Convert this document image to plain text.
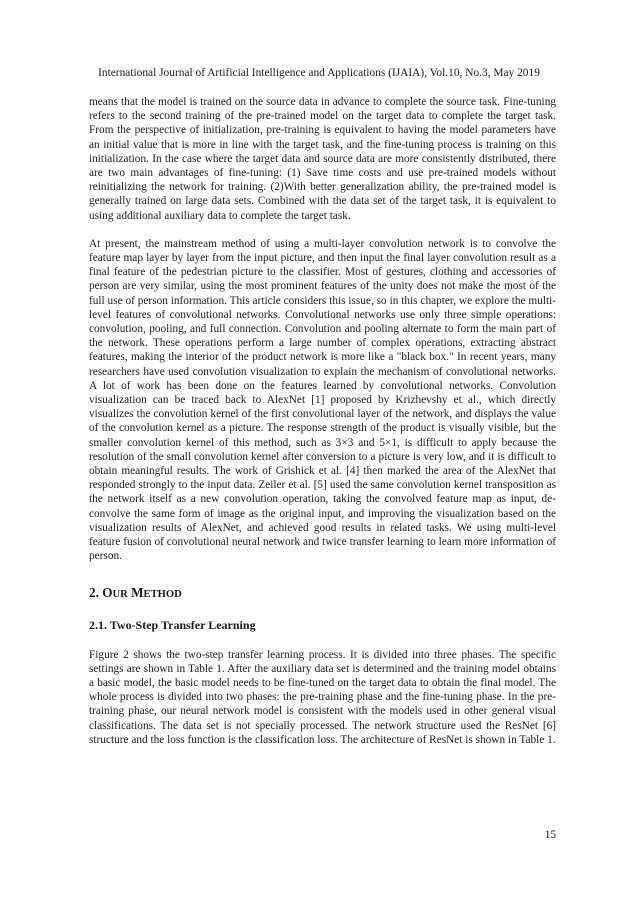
International Journal of Artificial Intelligence and Applications (IJAIA), Vol.10, No.3, May 2019

means that the model is trained on the source data in advance to complete the source task. Fine-tuning refers to the second training of the pre-trained model on the target data to complete the target task. From the perspective of initialization, pre-training is equivalent to having the model parameters have an initial value that is more in line with the target task, and the fine-tuning process is training on this initialization. In the case where the target data and source data are more consistently distributed, there are two main advantages of fine-tuning: (1) Save time costs and use pre-trained models without reinitializing the network for training. (2)With better generalization ability, the pre-trained model is generally trained on large data sets. Combined with the data set of the target task, it is equivalent to using additional auxiliary data to complete the target task.

At present, the mainstream method of using a multi-layer convolution network is to convolve the feature map layer by layer from the input picture, and then input the final layer convolution result as a final feature of the pedestrian picture to the classifier. Most of gestures, clothing and accessories of person are very similar, using the most prominent features of the unity does not make the most of the full use of person information. This article considers this issue, so in this chapter, we explore the multi-level features of convolutional networks. Convolutional networks use only three simple operations: convolution, pooling, and full connection. Convolution and pooling alternate to form the main part of the network. These operations perform a large number of complex operations, extracting abstract features, making the interior of the product network is more like a "black box." In recent years, many researchers have used convolution visualization to explain the mechanism of convolutional networks. A lot of work has been done on the features learned by convolutional networks. Convolution visualization can be traced back to AlexNet [1] proposed by Krizhevshy et al., which directly visualizes the convolution kernel of the first convolutional layer of the network, and displays the value of the convolution kernel as a picture. The response strength of the product is visually visible, but the smaller convolution kernel of this method, such as 3×3 and 5×1, is difficult to apply because the resolution of the small convolution kernel after conversion to a picture is very low, and it is difficult to obtain meaningful results. The work of Grishick et al. [4] then marked the area of the AlexNet that responded strongly to the input data. Zeiler et al. [5] used the same convolution kernel transposition as the network itself as a new convolution operation, taking the convolved feature map as input, de-convolve the same form of image as the original input, and improving the visualization based on the visualization results of AlexNet, and achieved good results in related tasks. We using multi-level feature fusion of convolutional neural network and twice transfer learning to learn more information of person.

2. OUR METHOD
2.1. Two-Step Transfer Learning

Figure 2 shows the two-step transfer learning process. It is divided into three phases. The specific settings are shown in Table 1. After the auxiliary data set is determined and the training model obtains a basic model, the basic model needs to be fine-tuned on the target data to obtain the final model. The whole process is divided into two phases: the pre-training phase and the fine-tuning phase. In the pre-training phase, our neural network model is consistent with the models used in other general visual classifications. The data set is not specially processed. The network structure used the ResNet [6] structure and the loss function is the classification loss. The architecture of ResNet is shown in Table 1.

15
